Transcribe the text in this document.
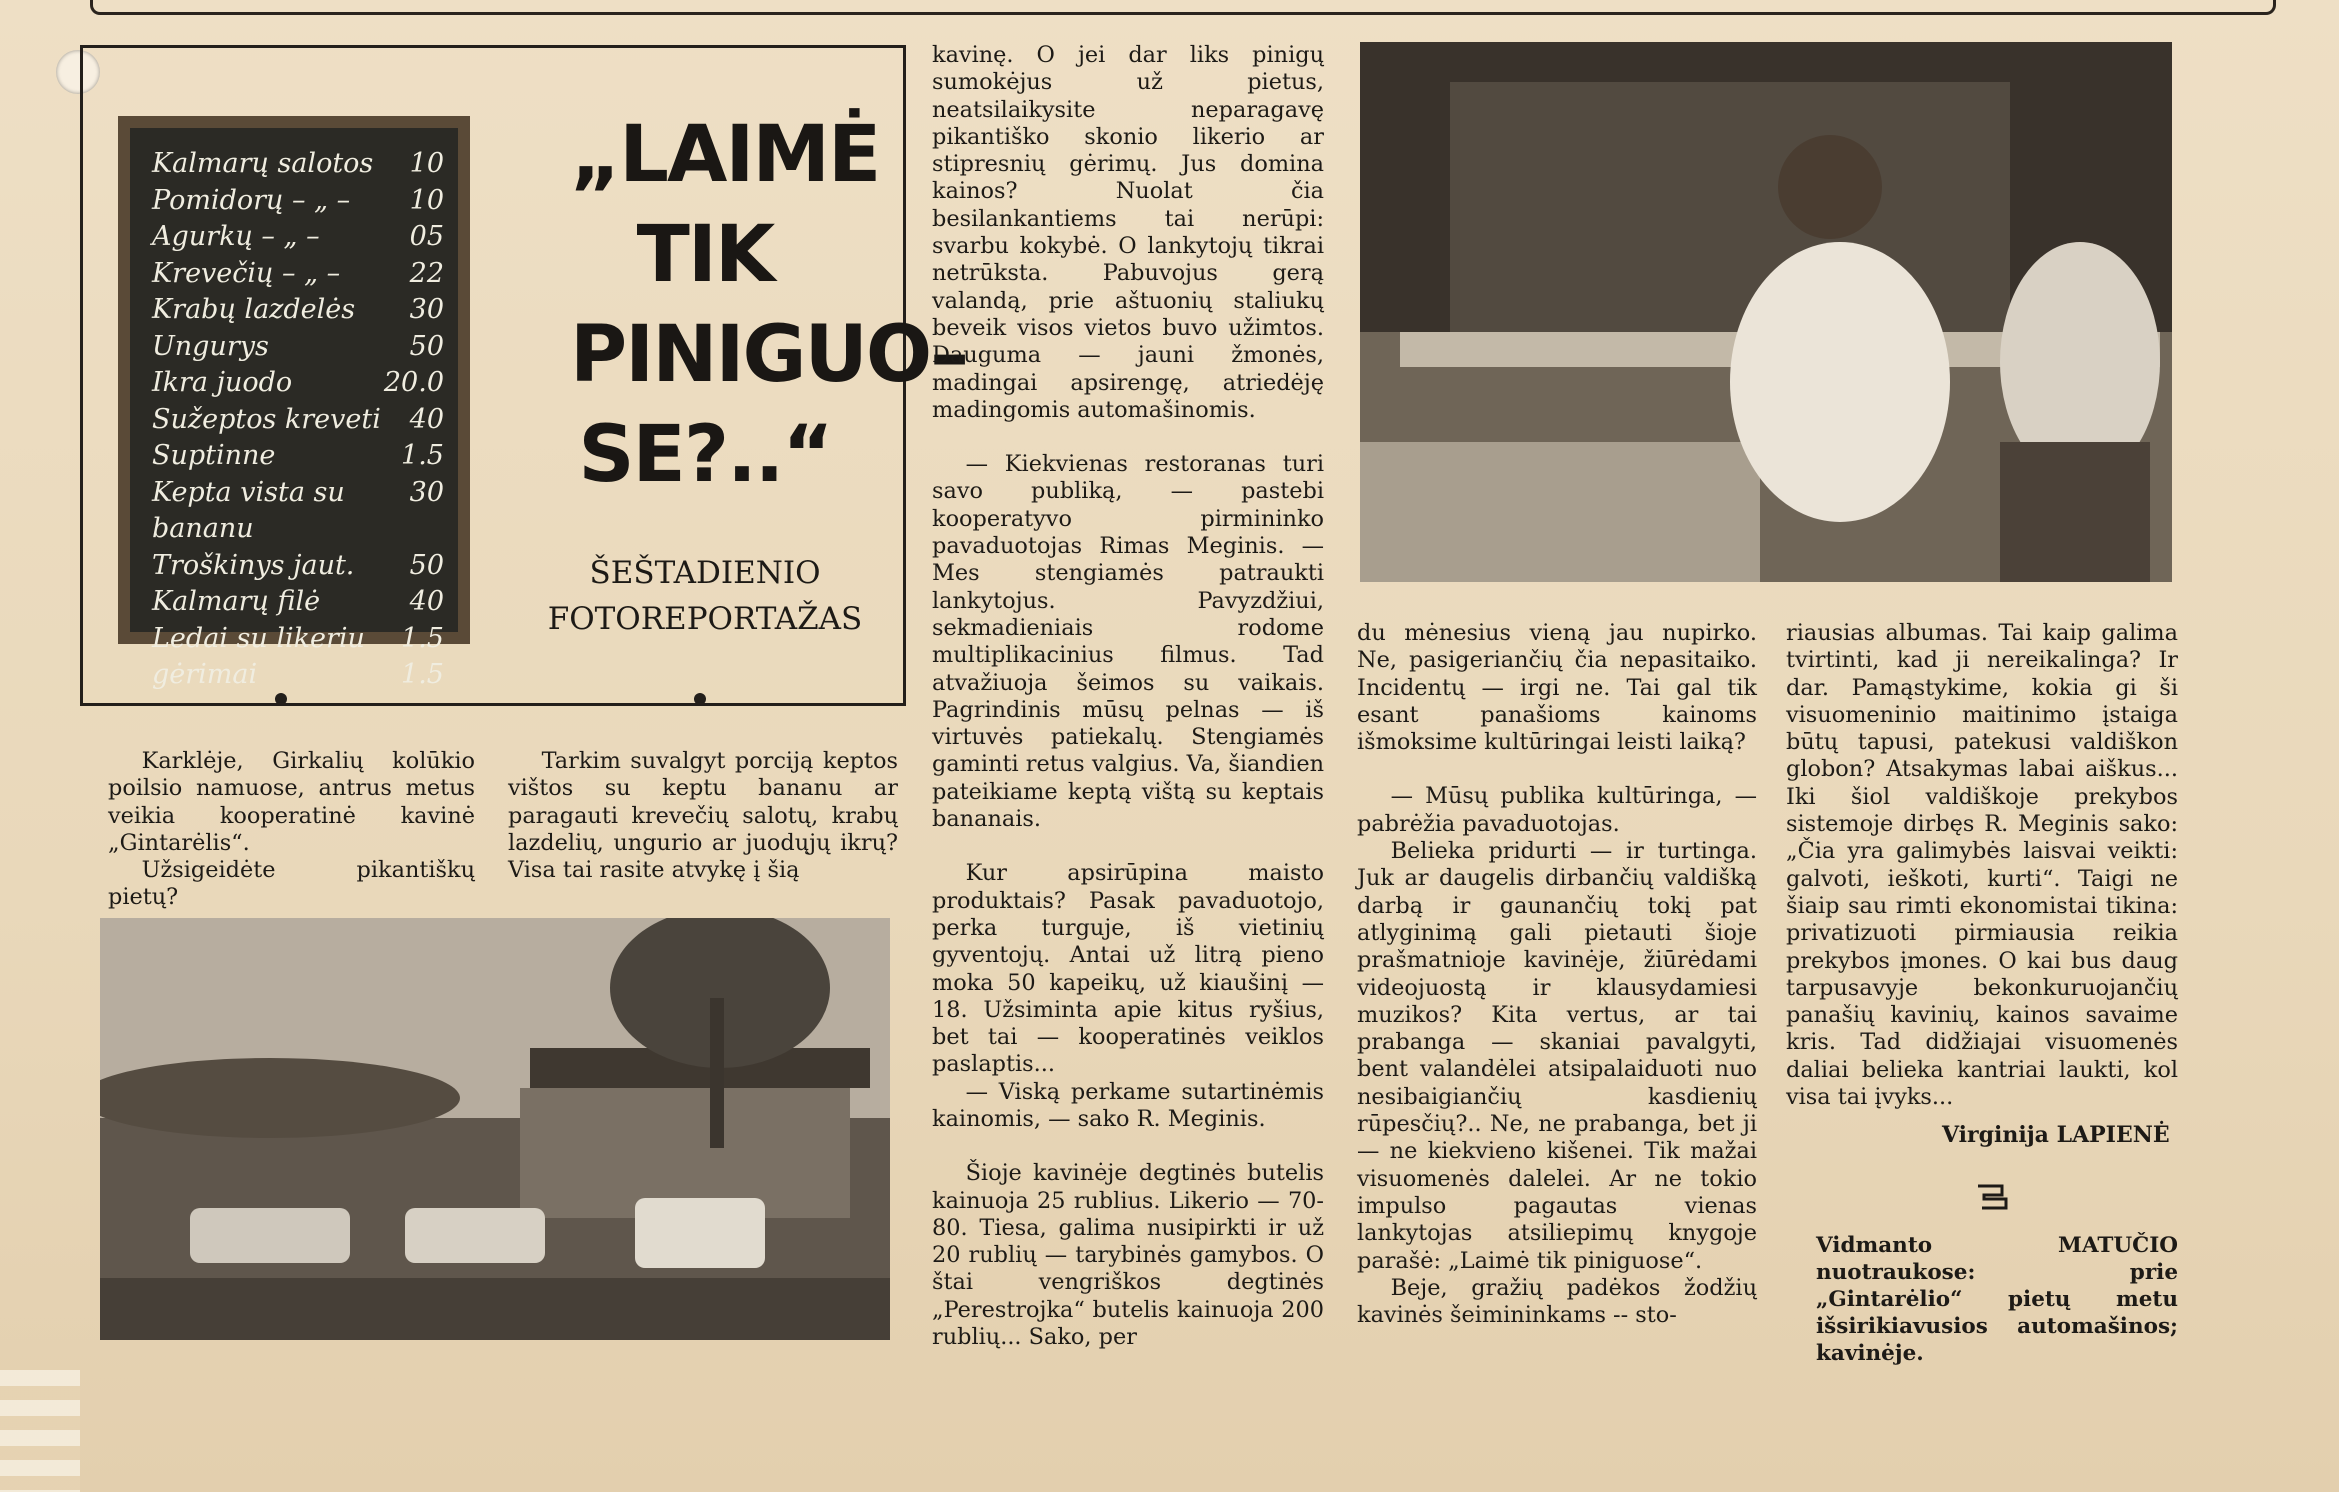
Kalmarų salotos 10
Pomidorų – „ – 10
Agurkų – „ –	05
Krevečių – „ –	22
Krabų lazdelės 30
Ungurys	50
Ikra juodo	20.0
Sužeptos kreveti 40
Suptinne	1.5
Kepta vista su bananu
30
Troškinys jaut. 50
Kalmarų filė	40
Ledai su likeriu 1.5
gėrimai	1.5
„LAIMĖ
TIK
PINIGUO–
SE?..“
ŠEŠTADIENIO
FOTOREPORTAŽAS

Karklėje, Girkalių kolūkio poilsio namuose, antrus metus veikia kooperatinė kavinė „Gintarėlis“.

Užsigeidėte pikantiškų pietų?

Tarkim suvalgyt porciją keptos vištos su keptu bananu ar paragauti krevečių salotų, krabų lazdelių, ungurio ar juodųjų ikrų? Visa tai rasite atvykę į šią

kavinę. O jei dar liks pinigų sumokėjus už pietus, neatsilaikysite neparagavę pikantiško skonio likerio ar stipresnių gėrimų. Jus domina kainos? Nuolat čia besilankantiems tai nerūpi: svarbu kokybė. O lankytojų tikrai netrūksta. Pabuvojus gerą valandą, prie aštuonių staliukų beveik visos vietos buvo užimtos. Dauguma — jauni žmonės, madingai apsirengę, atriedėję madingomis automašinomis.

— Kiekvienas restoranas turi savo publiką, — pastebi kooperatyvo pirmininko pavaduotojas Rimas Meginis. — Mes stengiamės patraukti lankytojus. Pavyzdžiui, sekmadieniais rodome multiplikacinius filmus. Tad atvažiuoja šeimos su vaikais. Pagrindinis mūsų pelnas — iš virtuvės patiekalų. Stengiamės gaminti retus valgius. Va, šiandien pateikiame keptą vištą su keptais bananais.

Kur apsirūpina maisto produktais? Pasak pavaduotojo, perka turguje, iš vietinių gyventojų. Antai už litrą pieno moka 50 kapeikų, už kiaušinį — 18. Užsiminta apie kitus ryšius, bet tai — kooperatinės veiklos paslaptis...

— Viską perkame sutartinėmis kainomis, — sako R. Meginis.

Šioje kavinėje degtinės butelis kainuoja 25 rublius. Likerio — 70-80. Tiesa, galima nusipirkti ir už 20 rublių — tarybinės gamybos. O štai vengriškos degtinės „Perestrojka“ butelis kainuoja 200 rublių... Sako, per

du mėnesius vieną jau nupirko. Ne, pasigeriančių čia nepasitaiko. Incidentų — irgi ne. Tai gal tik esant panašioms kainoms išmoksime kultūringai leisti laiką?

— Mūsų publika kultūringa, — pabrėžia pavaduotojas.

Belieka pridurti — ir turtinga. Juk ar daugelis dirbančių valdišką darbą ir gaunančių tokį pat atlyginimą gali pietauti šioje prašmatnioje kavinėje, žiūrėdami videojuostą ir klausydamiesi muzikos? Kita vertus, ar tai prabanga — skaniai pavalgyti, bent valandėlei atsipalaiduoti nuo nesibaigiančių kasdienių rūpesčių?.. Ne, ne prabanga, bet ji — ne kiekvieno kišenei. Tik mažai visuomenės dalelei. Ar ne tokio impulso pagautas vienas lankytojas atsiliepimų knygoje parašė: „Laimė tik piniguose“.

Beje, gražių padėkos žodžių kavinės šeimininkams -- sto-

riausias albumas. Tai kaip galima tvirtinti, kad ji nereikalinga? Ir dar. Pamąstykime, kokia gi ši visuomeninio maitinimo įstaiga būtų tapusi, patekusi valdiškon globon? Atsakymas labai aiškus... Iki šiol valdiškoje prekybos sistemoje dirbęs R. Meginis sako: „Čia yra galimybės laisvai veikti: galvoti, ieškoti, kurti“. Taigi ne šiaip sau rimti ekonomistai tikina: privatizuoti pirmiausia reikia prekybos įmones. O kai bus daug tarpusavyje bekonkuruojančių panašių kavinių, kainos savaime kris. Tad didžiajai visuomenės daliai belieka kantriai laukti, kol visa tai įvyks...

Virginija LAPIENĖ
Vidmanto MATUČIO nuotraukose: prie „Gintarėlio“ pietų metu išsirikiavusios automašinos; kavinėje.
